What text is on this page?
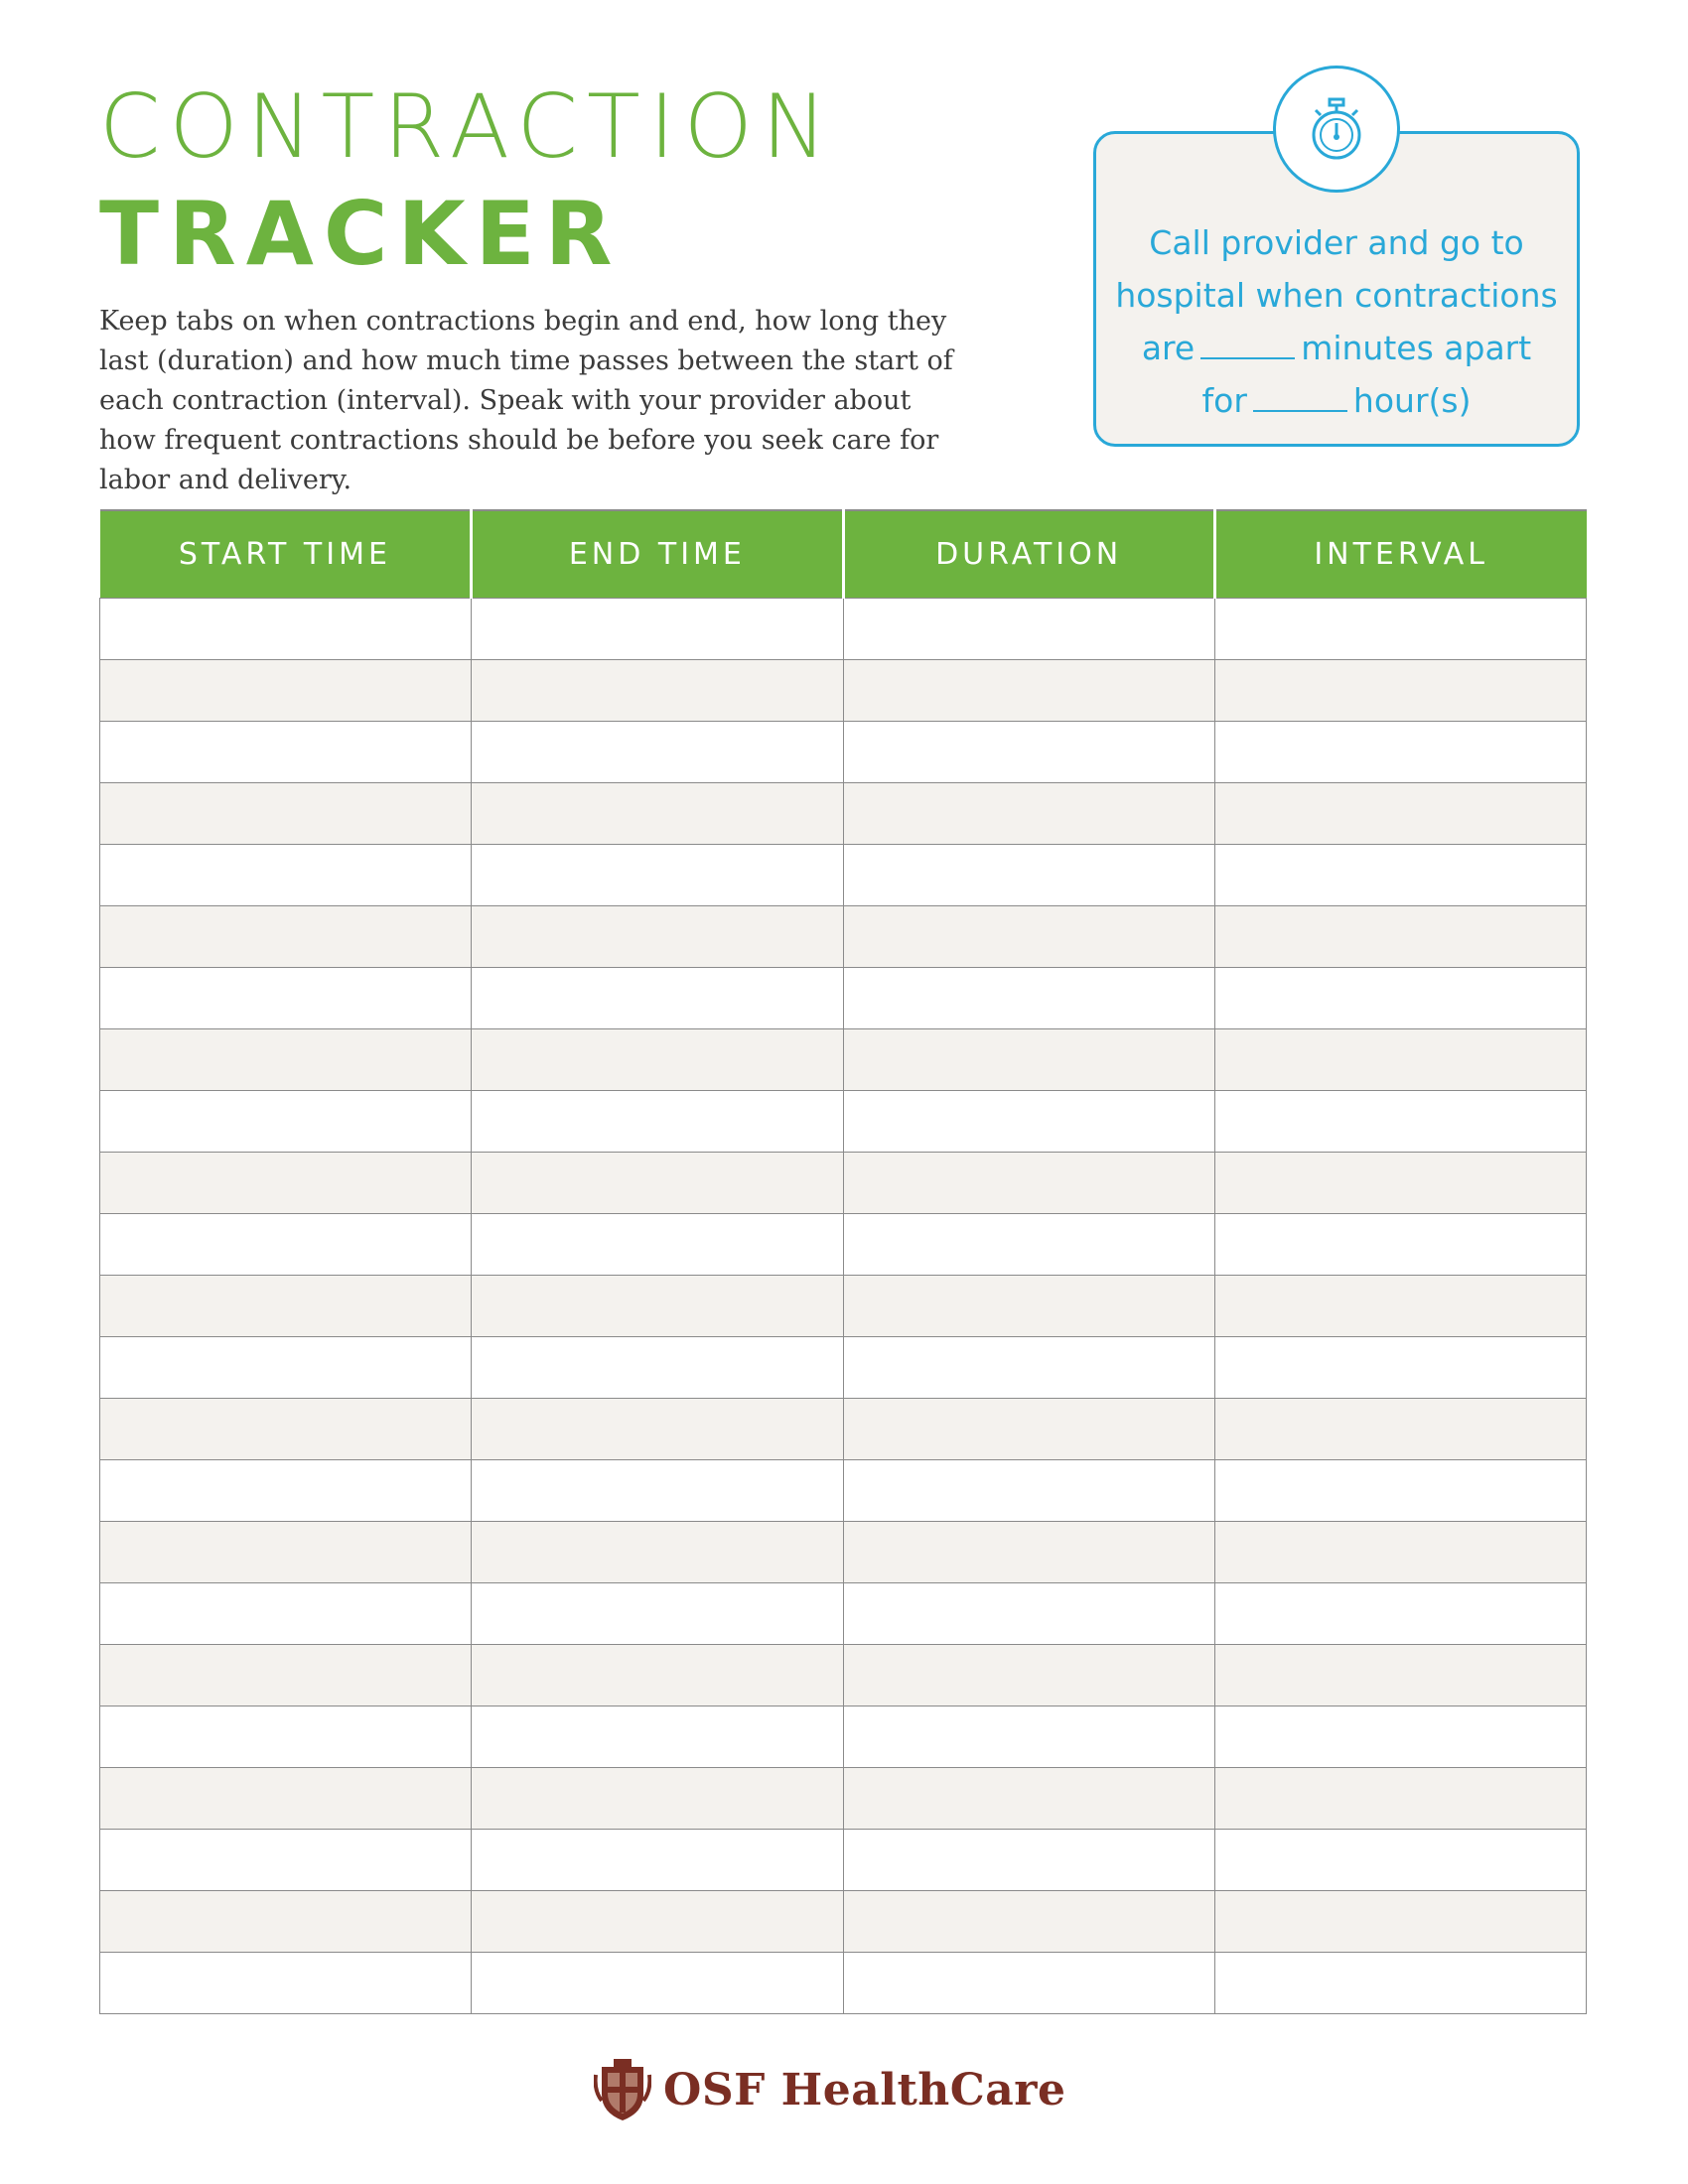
CONTRACTION
TRACKER
Keep tabs on when contractions begin and end, how long they last (duration) and how much time passes between the start of each contraction (interval). Speak with your provider about how frequent contractions should be before you seek care for labor and delivery.
Call provider and go to
hospital when contractions
are	minutes apart
for	hour(s)
START TIME	END TIME	DURATION	INTERVAL

OSF HealthCare
